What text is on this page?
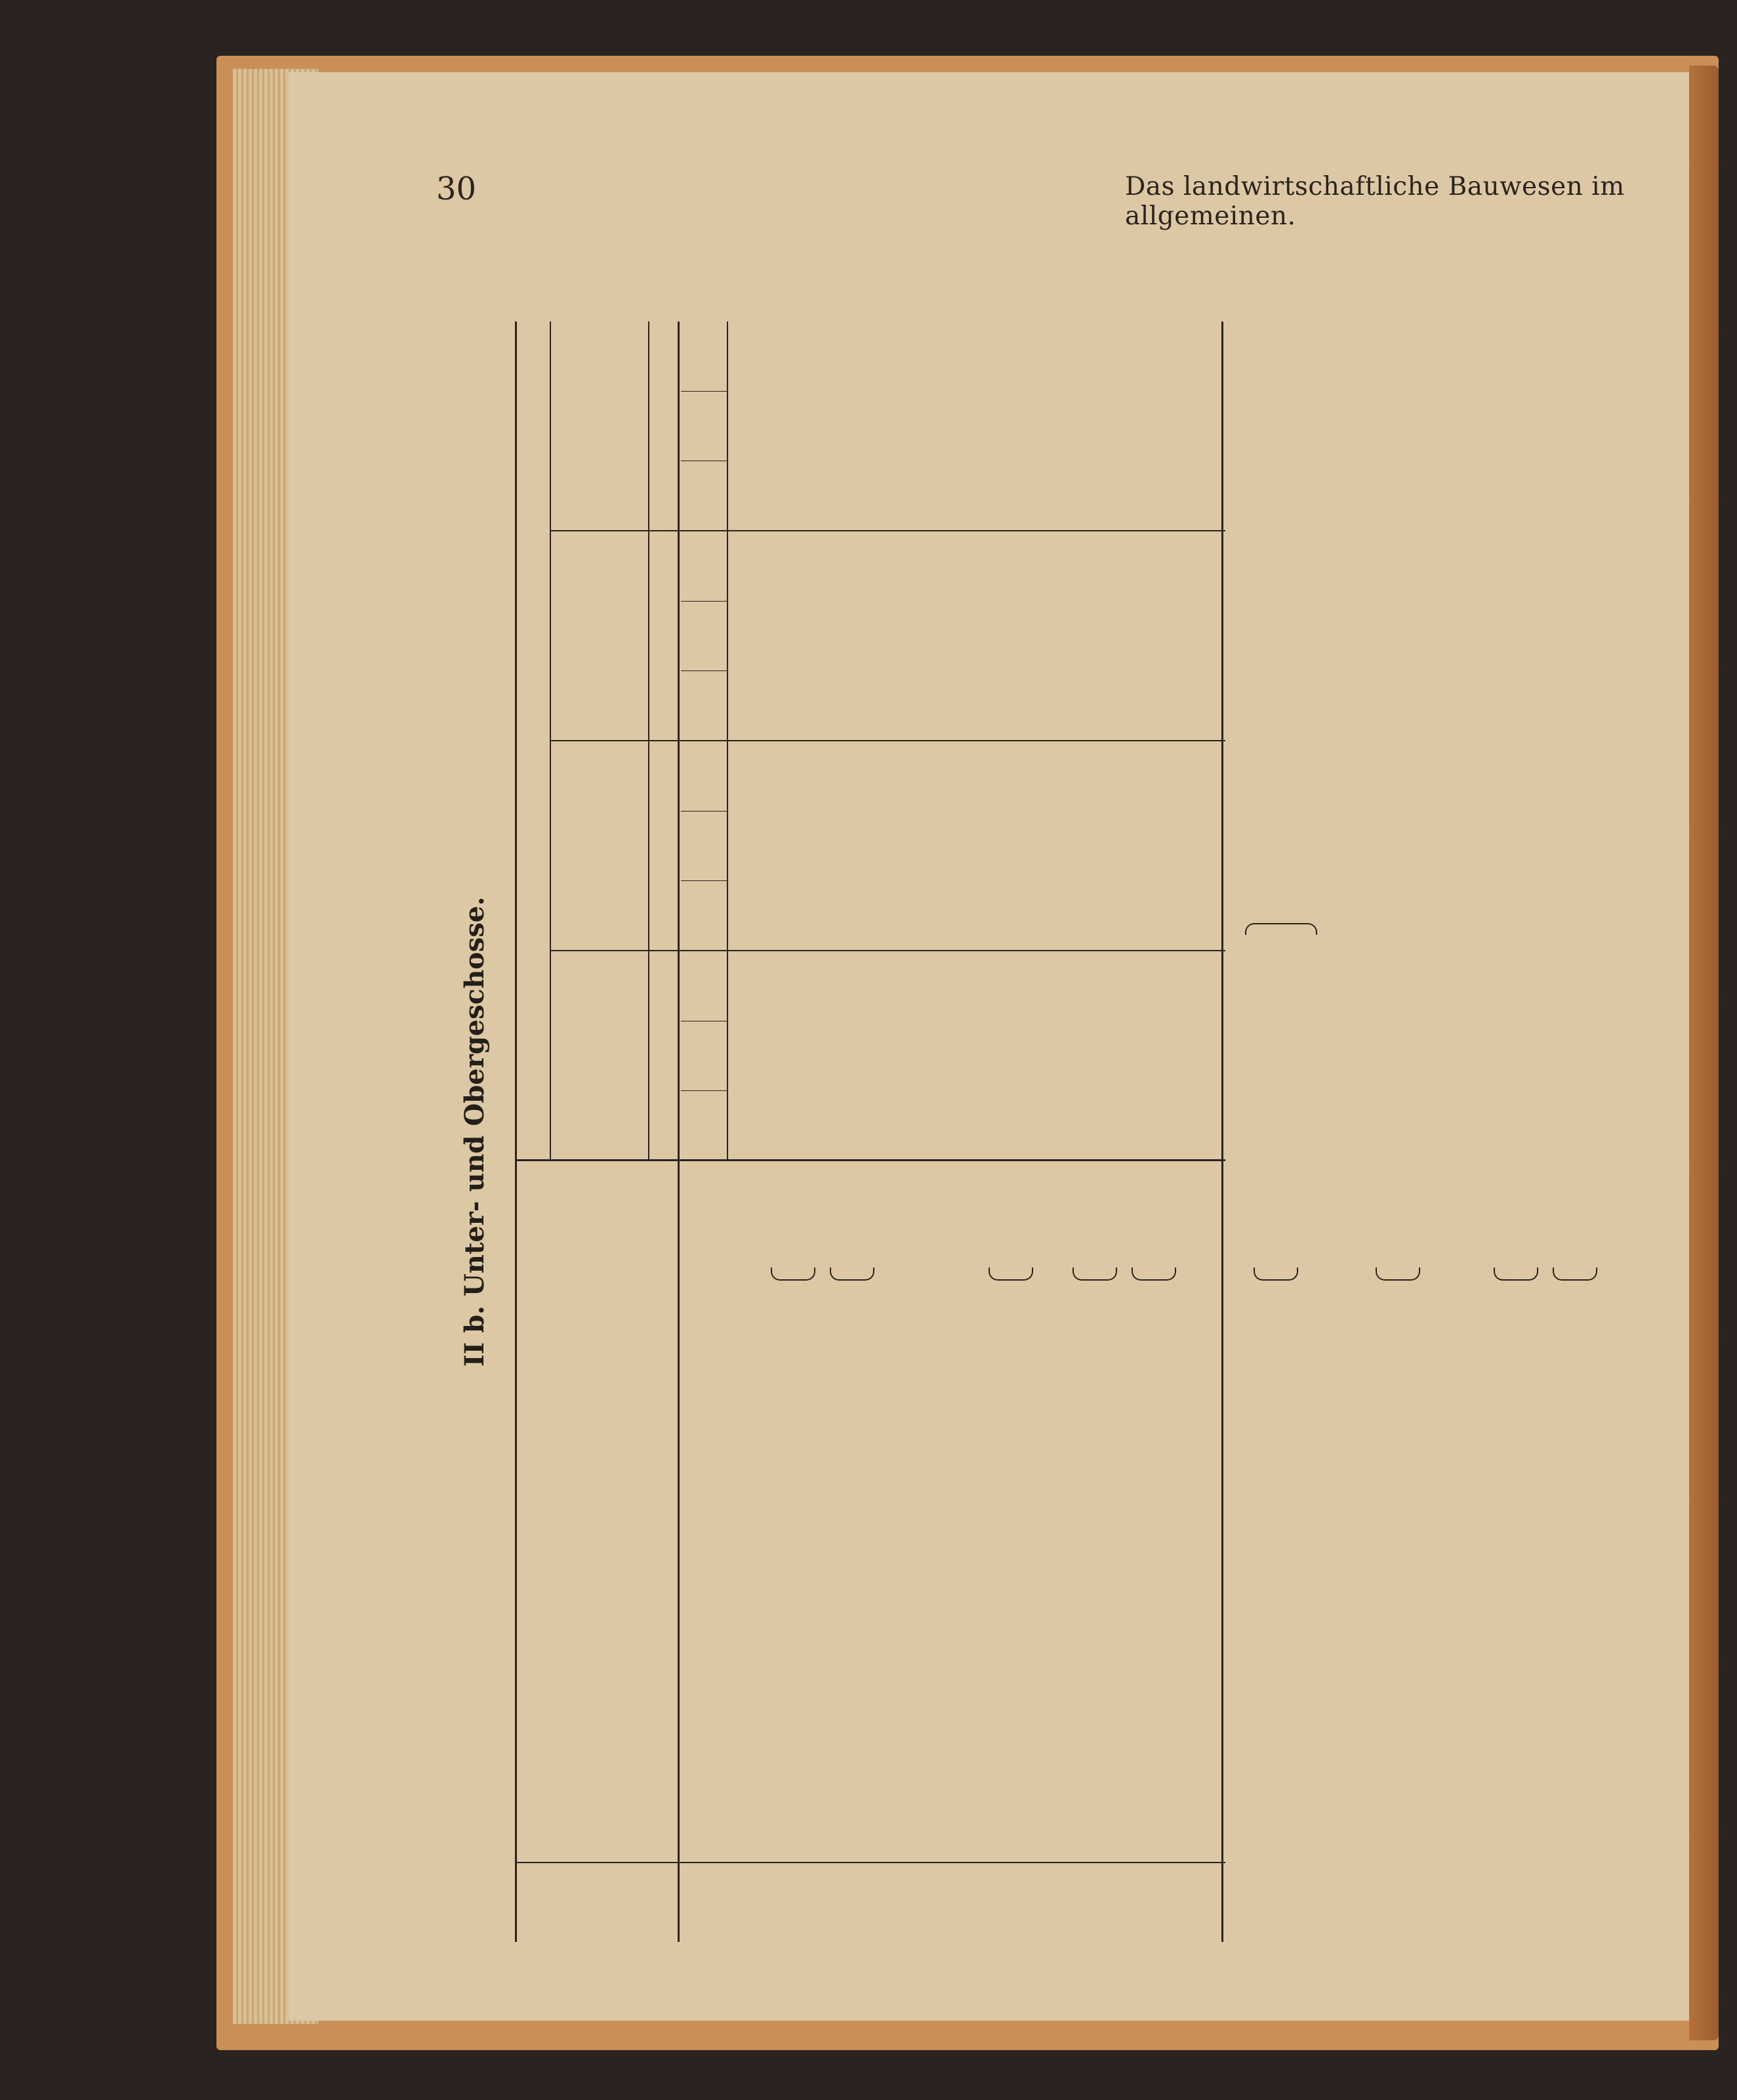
30	Das landwirtschaftliche Bauwesen im allgemeinen.
II b. Unter- und Obergeschosse.
